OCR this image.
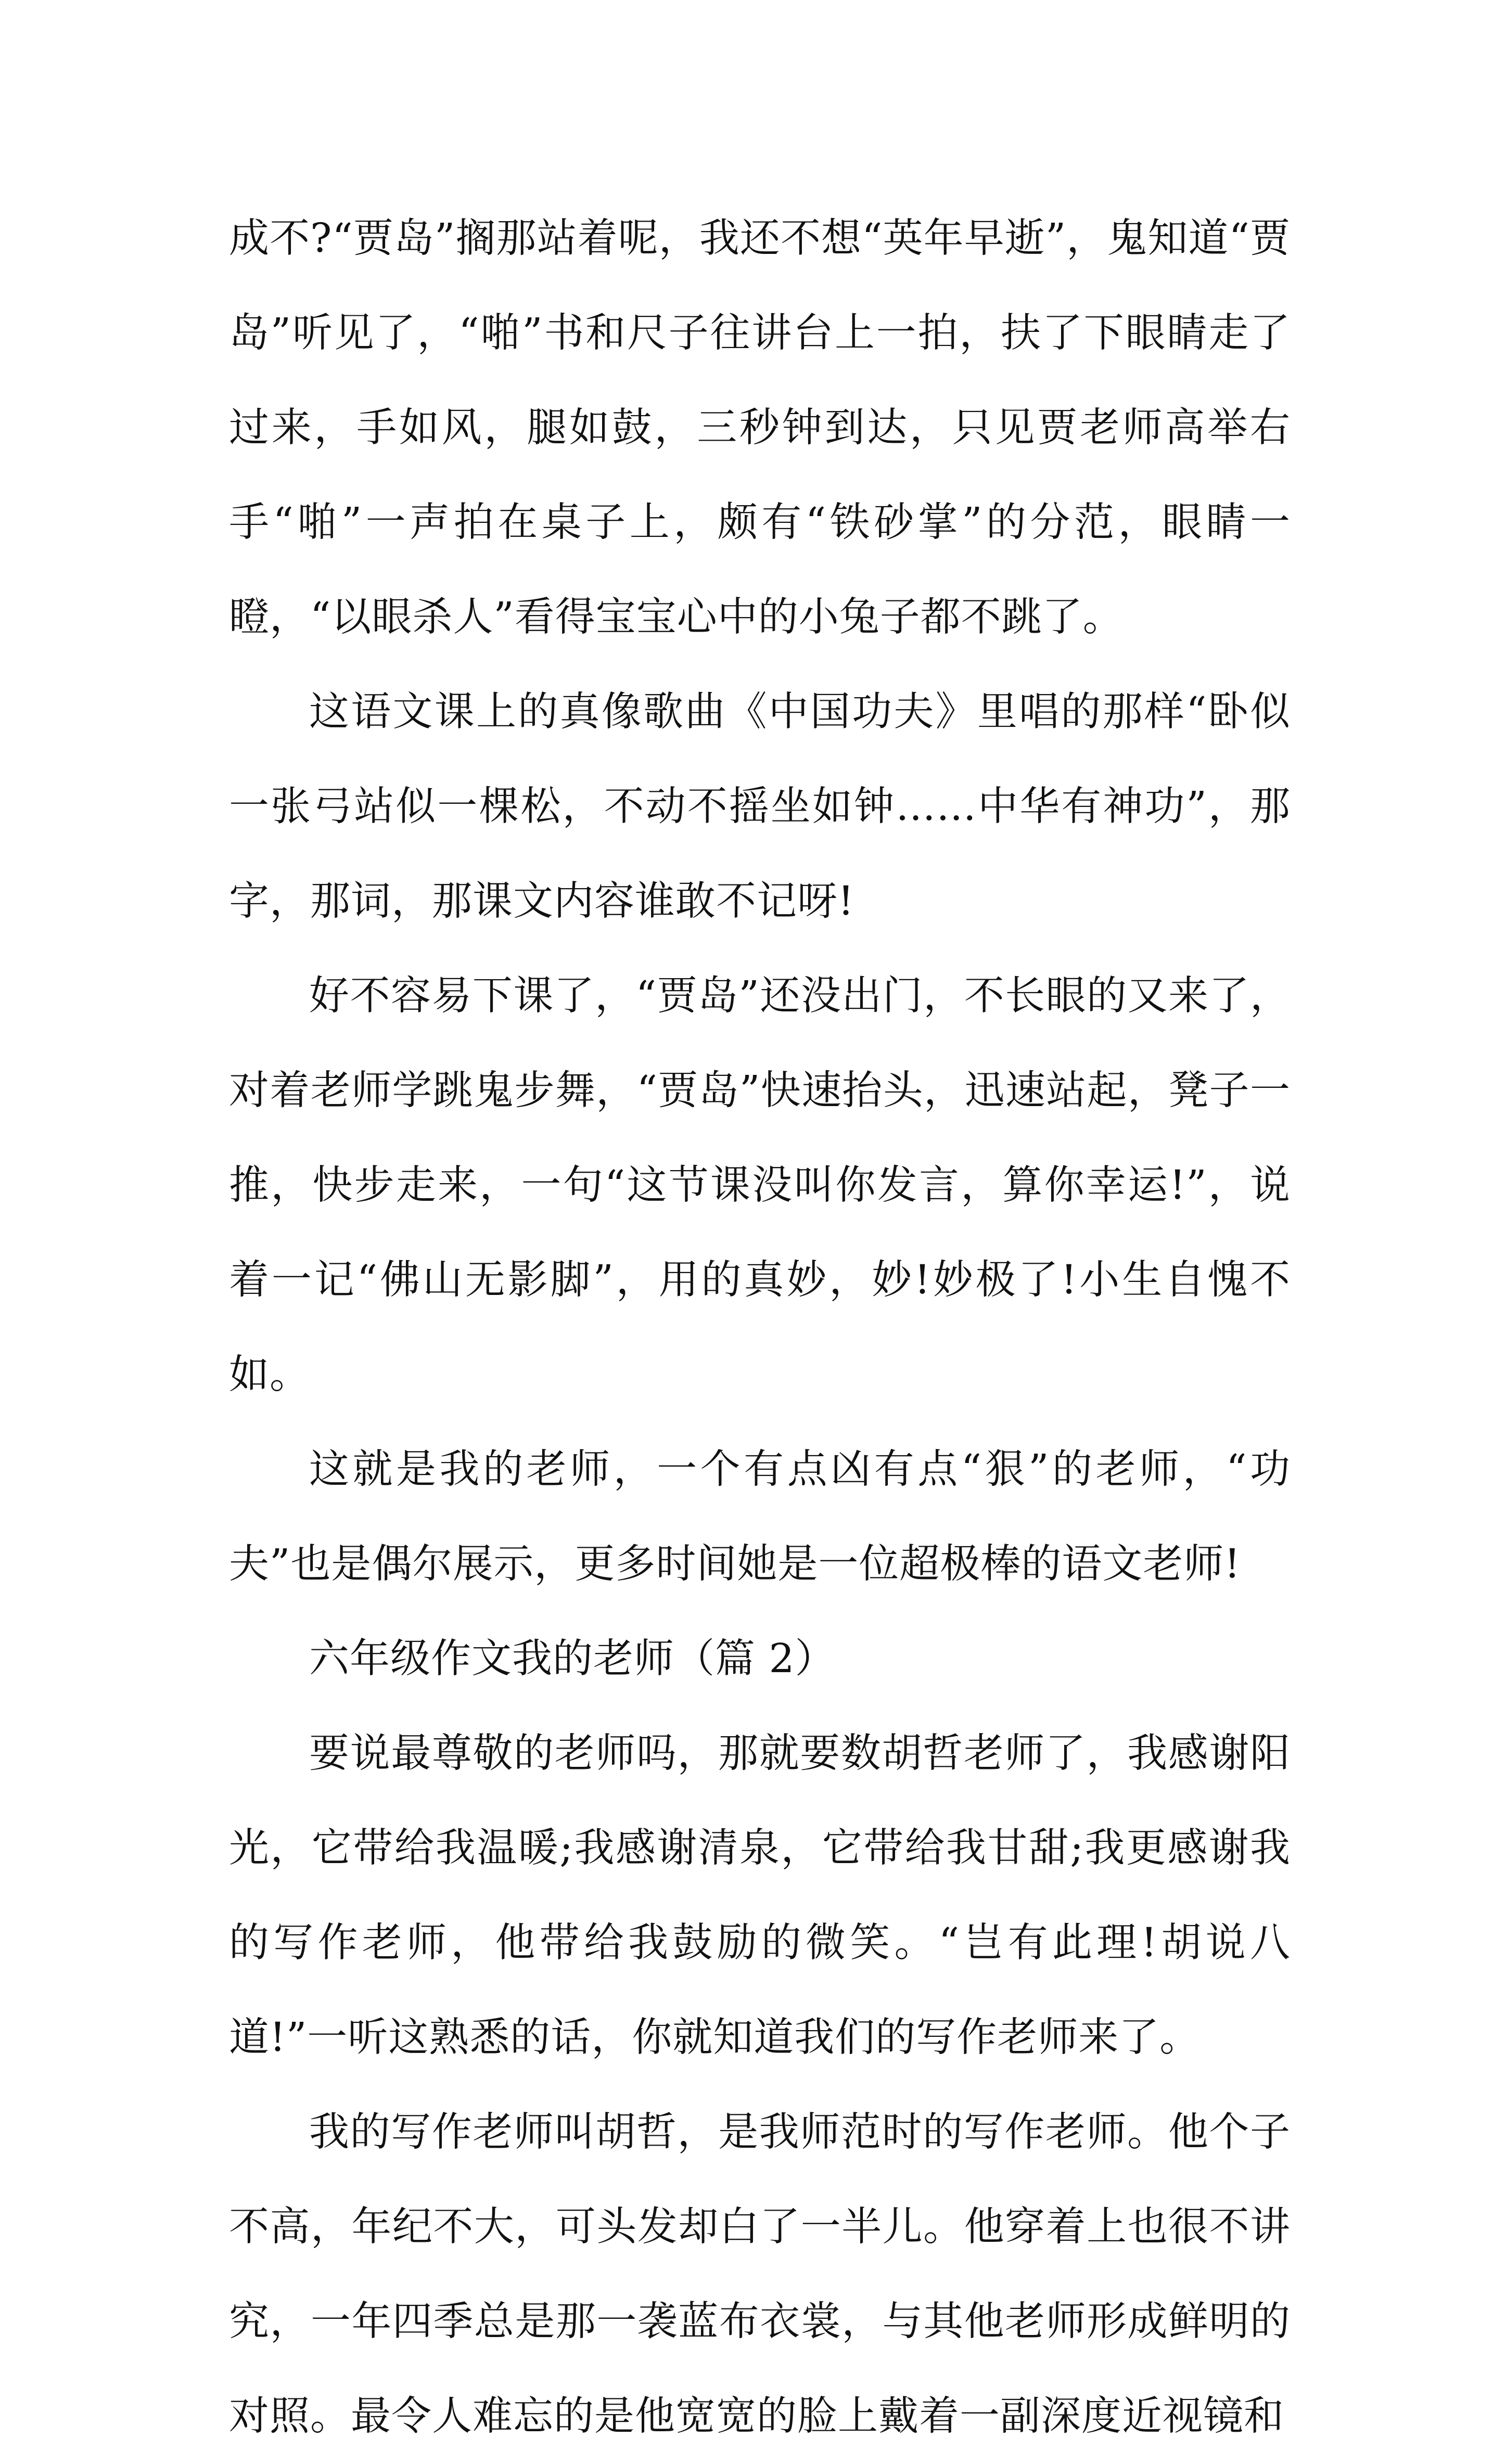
成不?“贾岛”搁那站着呢，我还不想“英年早逝”，鬼知道“贾岛”听见了，“啪”书和尺子往讲台上一拍，扶了下眼睛走了过来，手如风，腿如鼓，三秒钟到达，只见贾老师高举右手“啪”一声拍在桌子上，颇有“铁砂掌”的分范，眼睛一瞪，“以眼杀人”看得宝宝心中的小兔子都不跳了。

这语文课上的真像歌曲《中国功夫》里唱的那样“卧似一张弓站似一棵松，不动不摇坐如钟……中华有神功”，那字，那词，那课文内容谁敢不记呀!

好不容易下课了，“贾岛”还没出门，不长眼的又来了，对着老师学跳鬼步舞，“贾岛”快速抬头，迅速站起，凳子一推，快步走来，一句“这节课没叫你发言，算你幸运!”，说着一记“佛山无影脚”，用的真妙，妙!妙极了!小生自愧不如。

这就是我的老师，一个有点凶有点“狠”的老师，“功夫”也是偶尔展示，更多时间她是一位超极棒的语文老师!

六年级作文我的老师（篇 2）

要说最尊敬的老师吗，那就要数胡哲老师了，我感谢阳光，它带给我温暖;我感谢清泉，它带给我甘甜;我更感谢我的写作老师，他带给我鼓励的微笑。“岂有此理!胡说八道!”一听这熟悉的话，你就知道我们的写作老师来了。

我的写作老师叫胡哲，是我师范时的写作老师。他个子不高，年纪不大，可头发却白了一半儿。他穿着上也很不讲究，一年四季总是那一袭蓝布衣裳，与其他老师形成鲜明的对照。最令人难忘的是他宽宽的脸上戴着一副深度近视镜和
